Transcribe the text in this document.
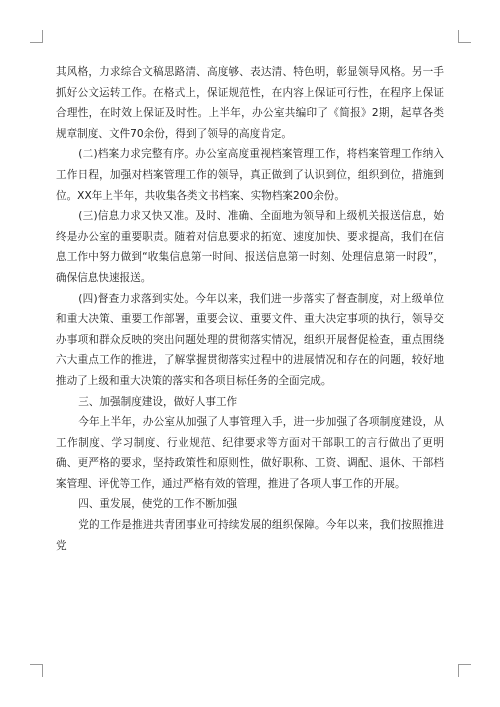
其风格，力求综合文稿思路清、高度够、表达清、特色明，彰显领导风格。另一手抓好公文运转工作。在格式上，保证规范性，在内容上保证可行性，在程序上保证合理性，在时效上保证及时性。上半年，办公室共编印了《简报》2期，起草各类规章制度、文件70余份，得到了领导的高度肯定。

(二)档案力求完整有序。办公室高度重视档案管理工作，将档案管理工作纳入工作日程，加强对档案管理工作的领导，真正做到了认识到位，组织到位，措施到位。XX年上半年，共收集各类文书档案、实物档案200余份。

(三)信息力求又快又准。及时、准确、全面地为领导和上级机关报送信息，始终是办公室的重要职责。随着对信息要求的拓宽、速度加快、要求提高，我们在信息工作中努力做到“收集信息第一时间、报送信息第一时刻、处理信息第一时段”，确保信息快速报送。

(四)督查力求落到实处。今年以来，我们进一步落实了督查制度，对上级单位和重大决策、重要工作部署，重要会议、重要文件、重大决定事项的执行，领导交办事项和群众反映的突出问题处理的贯彻落实情况，组织开展督促检查，重点围绕六大重点工作的推进，了解掌握贯彻落实过程中的进展情况和存在的问题，较好地推动了上级和重大决策的落实和各项目标任务的全面完成。

三、加强制度建设，做好人事工作

今年上半年，办公室从加强了人事管理入手，进一步加强了各项制度建设，从工作制度、学习制度、行业规范、纪律要求等方面对干部职工的言行做出了更明确、更严格的要求，坚持政策性和原则性，做好职称、工资、调配、退休、干部档案管理、评优等工作，通过严格有效的管理，推进了各项人事工作的开展。

四、重发展，使党的工作不断加强

党的工作是推进共青团事业可持续发展的组织保障。今年以来，我们按照推进党
